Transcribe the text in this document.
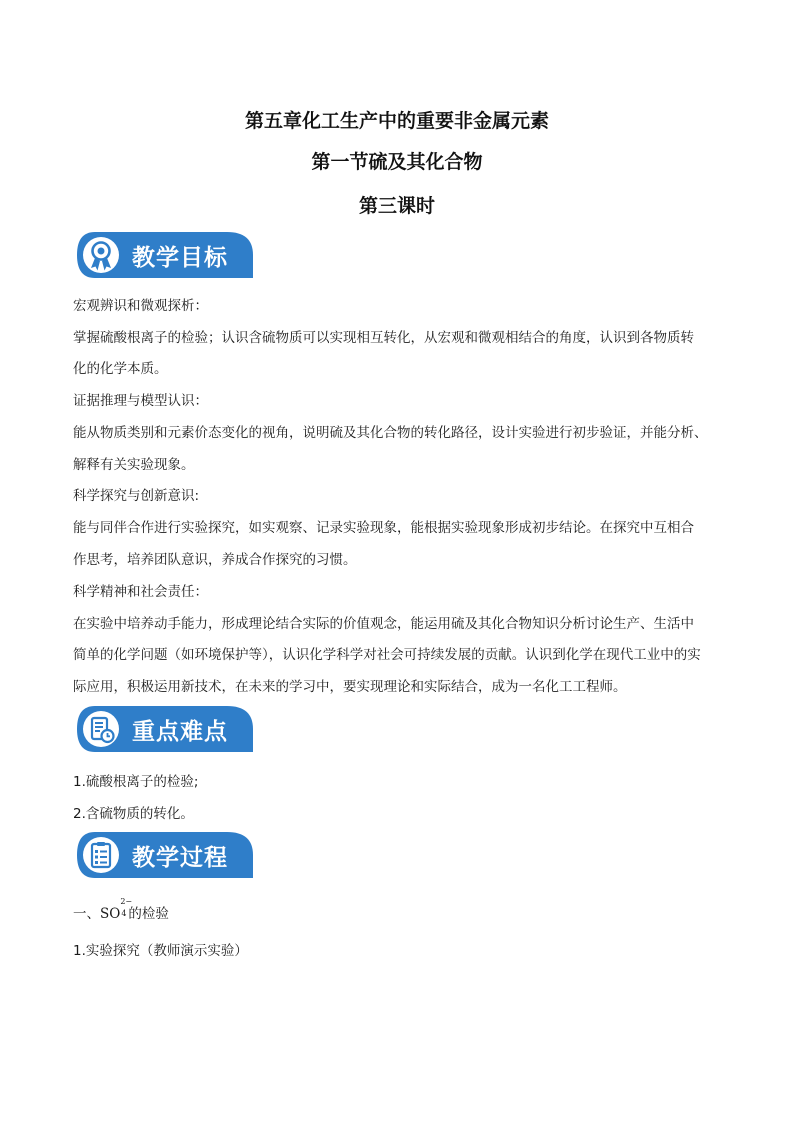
第五章化工生产中的重要非金属元素
第一节硫及其化合物
第三课时
教学目标
宏观辨识和微观探析：
掌握硫酸根离子的检验；认识含硫物质可以实现相互转化，从宏观和微观相结合的角度，认识到各物质转
化的化学本质。
证据推理与模型认识：
能从物质类别和元素价态变化的视角，说明硫及其化合物的转化路径，设计实验进行初步验证，并能分析、
解释有关实验现象。
科学探究与创新意识:
能与同伴合作进行实验探究，如实观察、记录实验现象，能根据实验现象形成初步结论。在探究中互相合
作思考，培养团队意识，养成合作探究的习惯。
科学精神和社会责任：
在实验中培养动手能力，形成理论结合实际的价值观念，能运用硫及其化合物知识分析讨论生产、生活中
简单的化学问题（如环境保护等），认识化学科学对社会可持续发展的贡献。认识到化学在现代工业中的实
际应用，积极运用新技术，在未来的学习中，要实现理论和实际结合，成为一名化工工程师。
重点难点
1.硫酸根离子的检验;
2.含硫物质的转化。
教学过程
一、SO
2−
4 的检验
1.实验探究（教师演示实验）
